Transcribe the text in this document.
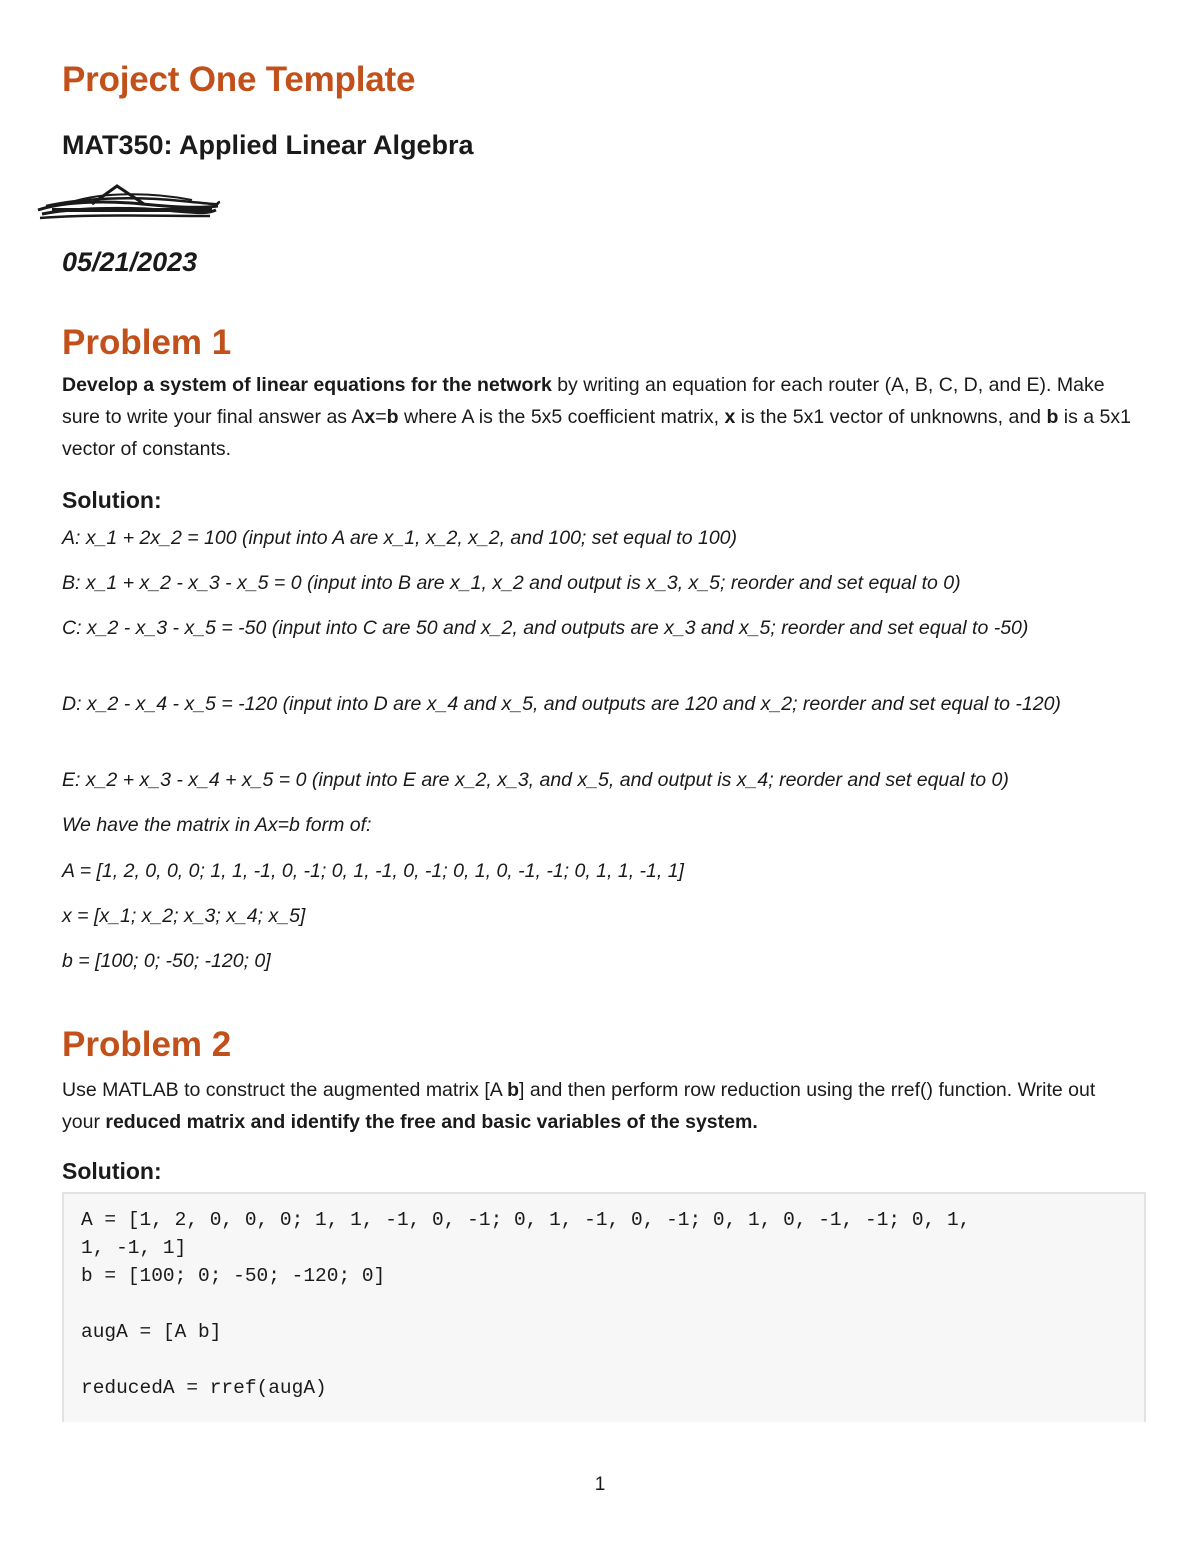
Project One Template
MAT350: Applied Linear Algebra
05/21/2023
Problem 1

Develop a system of linear equations for the network by writing an equation for each router (A, B, C, D, and E). Make sure to write your final answer as Ax=b where A is the 5x5 coefficient matrix, x is the 5x1 vector of unknowns, and b is a 5x1 vector of constants.

Solution:

A: x_1 + 2x_2 = 100 (input into A are x_1, x_2, x_2, and 100; set equal to 100)

B: x_1 + x_2 - x_3 - x_5 = 0 (input into B are x_1, x_2 and output is x_3, x_5; reorder and set equal to 0)

C: x_2 - x_3 - x_5 = -50 (input into C are 50 and x_2, and outputs are x_3 and x_5; reorder and set equal to -50)

D: x_2 - x_4 - x_5 = -120 (input into D are x_4 and x_5, and outputs are 120 and x_2; reorder and set equal to -120)

E: x_2 + x_3 - x_4 + x_5 = 0 (input into E are x_2, x_3, and x_5, and output is x_4; reorder and set equal to 0)

We have the matrix in Ax=b form of:

A = [1, 2, 0, 0, 0; 1, 1, -1, 0, -1; 0, 1, -1, 0, -1; 0, 1, 0, -1, -1; 0, 1, 1, -1, 1]

x = [x_1; x_2; x_3; x_4; x_5]

b = [100; 0; -50; -120; 0]

Problem 2

Use MATLAB to construct the augmented matrix [A b] and then perform row reduction using the rref() function. Write out your reduced matrix and identify the free and basic variables of the system.

Solution:

A = [1, 2, 0, 0, 0; 1, 1, -1, 0, -1; 0, 1, -1, 0, -1; 0, 1, 0, -1, -1; 0, 1,

1, -1, 1]

b = [100; 0; -50; -120; 0]

augA = [A b]

reducedA = rref(augA)

1
